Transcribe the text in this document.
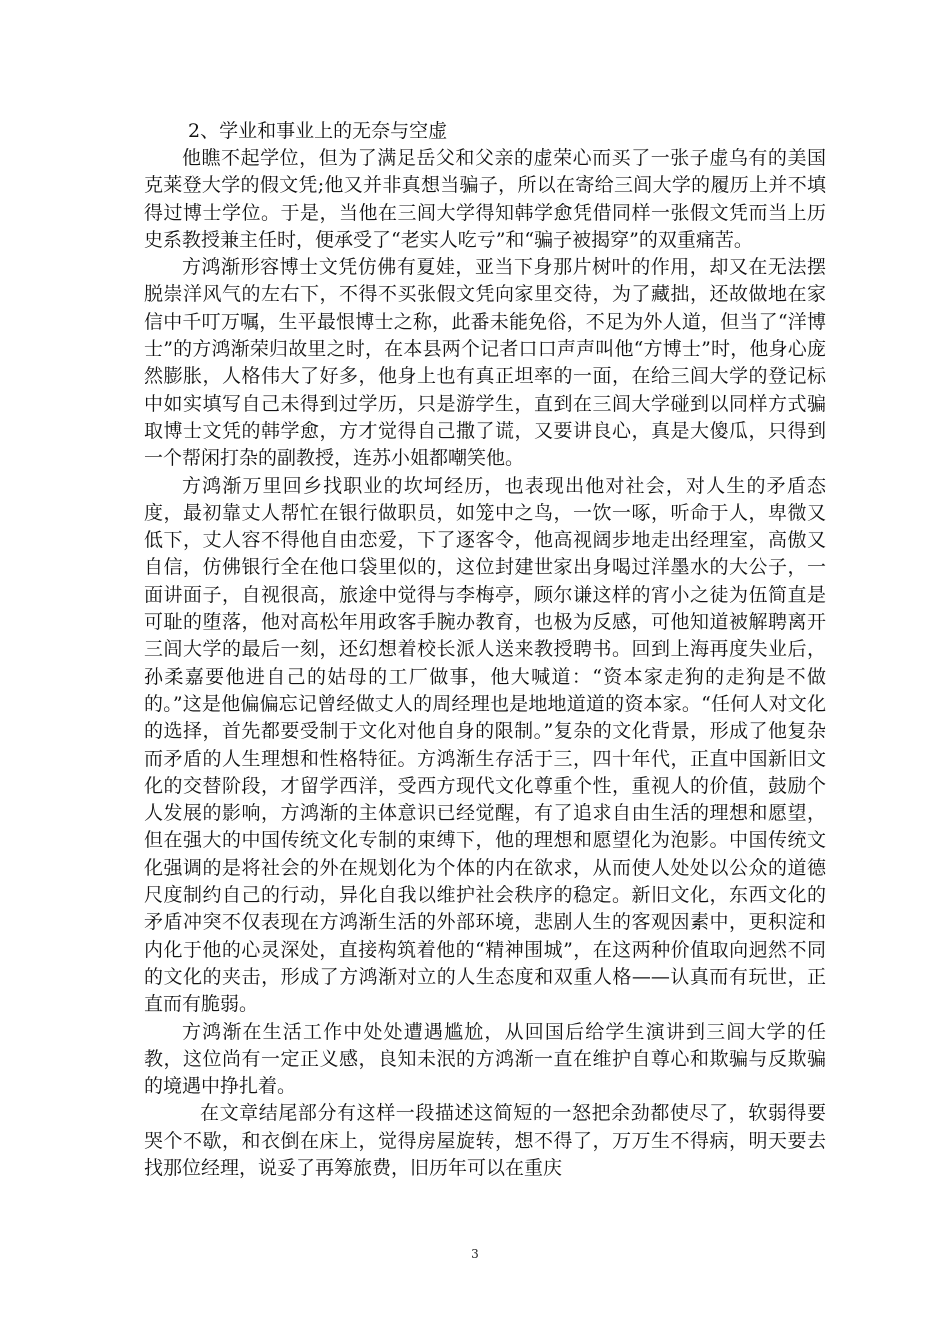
2、学业和事业上的无奈与空虚

他瞧不起学位，但为了满足岳父和父亲的虚荣心而买了一张子虚乌有的美国克莱登大学的假文凭;他又并非真想当骗子，所以在寄给三闾大学的履历上并不填得过博士学位。于是，当他在三闾大学得知韩学愈凭借同样一张假文凭而当上历史系教授兼主任时，便承受了“老实人吃亏”和“骗子被揭穿”的双重痛苦。

方鸿渐形容博士文凭仿佛有夏娃，亚当下身那片树叶的作用，却又在无法摆脱崇洋风气的左右下，不得不买张假文凭向家里交待，为了藏拙，还故做地在家信中千叮万嘱，生平最恨博士之称，此番未能免俗，不足为外人道，但当了“洋博士”的方鸿渐荣归故里之时，在本县两个记者口口声声叫他“方博士”时，他身心庞然膨胀，人格伟大了好多，他身上也有真正坦率的一面，在给三闾大学的登记标中如实填写自己未得到过学历，只是游学生，直到在三闾大学碰到以同样方式骗取博士文凭的韩学愈，方才觉得自己撒了谎，又要讲良心，真是大傻瓜，只得到一个帮闲打杂的副教授，连苏小姐都嘲笑他。

方鸿渐万里回乡找职业的坎坷经历，也表现出他对社会，对人生的矛盾态度，最初靠丈人帮忙在银行做职员，如笼中之鸟，一饮一啄，听命于人，卑微又低下，丈人容不得他自由恋爱，下了逐客令，他高视阔步地走出经理室，高傲又自信，仿佛银行全在他口袋里似的，这位封建世家出身喝过洋墨水的大公子，一面讲面子，自视很高，旅途中觉得与李梅亭，顾尔谦这样的宵小之徒为伍简直是可耻的堕落，他对高松年用政客手腕办教育，也极为反感，可他知道被解聘离开三闾大学的最后一刻，还幻想着校长派人送来教授聘书。回到上海再度失业后，孙柔嘉要他进自己的姑母的工厂做事，他大喊道：“资本家走狗的走狗是不做的。”这是他偏偏忘记曾经做丈人的周经理也是地地道道的资本家。“任何人对文化的选择，首先都要受制于文化对他自身的限制。”复杂的文化背景，形成了他复杂而矛盾的人生理想和性格特征。方鸿渐生存活于三，四十年代，正直中国新旧文化的交替阶段，才留学西洋，受西方现代文化尊重个性，重视人的价值，鼓励个人发展的影响，方鸿渐的主体意识已经觉醒，有了追求自由生活的理想和愿望，但在强大的中国传统文化专制的束缚下，他的理想和愿望化为泡影。中国传统文化强调的是将社会的外在规划化为个体的内在欲求，从而使人处处以公众的道德尺度制约自己的行动，异化自我以维护社会秩序的稳定。新旧文化，东西文化的矛盾冲突不仅表现在方鸿渐生活的外部环境，悲剧人生的客观因素中，更积淀和内化于他的心灵深处，直接构筑着他的“精神围城”，在这两种价值取向迥然不同的文化的夹击，形成了方鸿渐对立的人生态度和双重人格——认真而有玩世，正直而有脆弱。

方鸿渐在生活工作中处处遭遇尴尬，从回国后给学生演讲到三闾大学的任教，这位尚有一定正义感，良知未泯的方鸿渐一直在维护自尊心和欺骗与反欺骗的境遇中挣扎着。

在文章结尾部分有这样一段描述这简短的一怒把余劲都使尽了，软弱得要哭个不歇，和衣倒在床上，觉得房屋旋转，想不得了，万万生不得病，明天要去找那位经理，说妥了再筹旅费，旧历年可以在重庆

3
